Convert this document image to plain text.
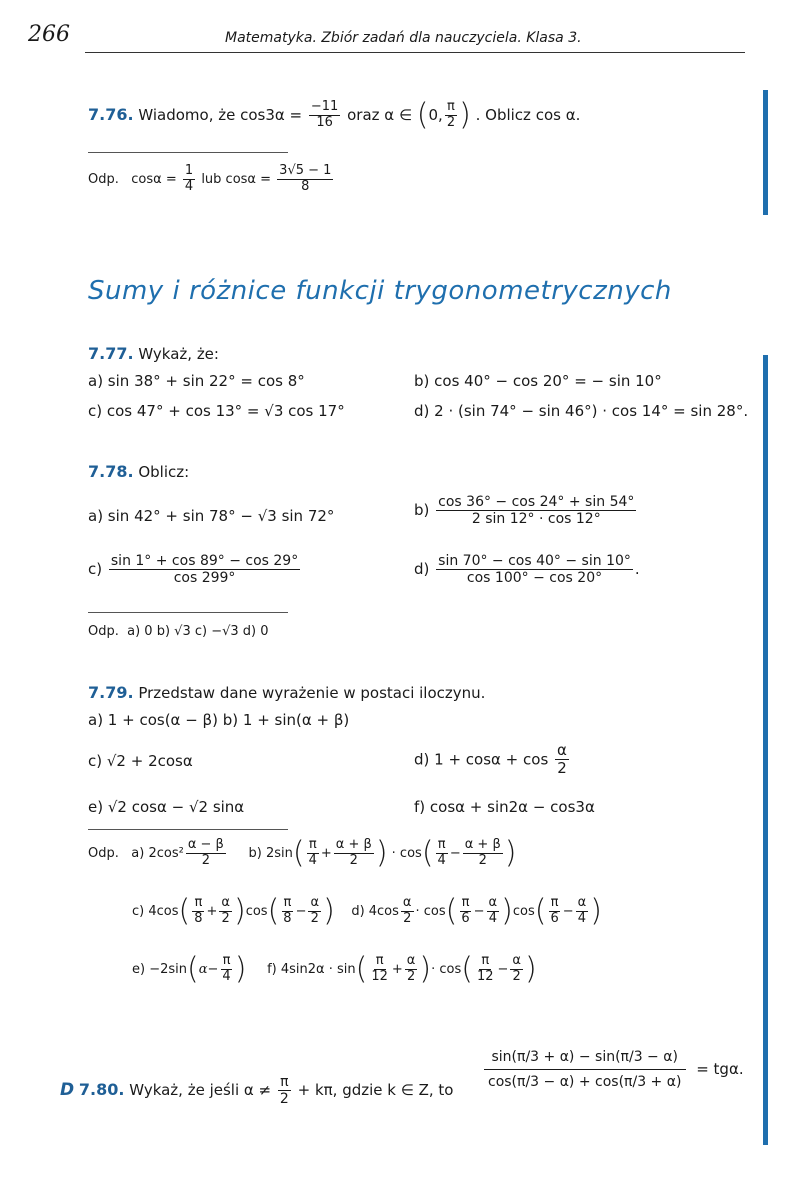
266	Matematyka. Zbiór zadań dla nauczyciela. Klasa 3.
7.76. Wiadomo, że $\cos 3\alpha = \frac{-11}{16}$ oraz α ∈ (0, $\frac{\pi}{2}$ ) . Oblicz cos α.
Odp. $\cos\alpha = \frac{1}{4}$ lub $\cos\alpha = \frac{3√5 - 1}{8}$
Sumy i różnice funkcji trygonometrycznych
7.77. Wykaż, że:
a) sin 38° + sin 22° = cos 8°	b) cos 40° − cos 20° = − sin 10°
c) cos 47° + cos 13° = √3 cos 17°	d) 2 · (sin 74° − sin 46°) · cos 14° = sin 28°.
7.78. Oblicz:
a) sin 42° + sin 78° − √3 sin 72°	$b) \frac{\cos 36^\circ - \cos 24^\circ + \sin 54^\circ}{2 \sin 12^\circ \cdot \cos 12^\circ}$
$c) \frac{\sin 1^\circ + \cos 89^\circ - \cos 29^\circ}{\cos 299^\circ}$	$d) \frac{\sin 70^\circ - \cos 40^\circ - \sin 10^\circ}{\cos 100^\circ - \cos 20^\circ}$ .
Odp. a) 0 b) √3 c) −√3 d) 0
7.79. Przedstaw dane wyrażenie w postaci iloczynu.
a) 1 + cos(α − β) b) 1 + sin(α + β)
c) √2 + 2cosα	d) $1 + \cos\alpha + \cos \frac{\alpha}{2}$
e) √2 cosα − √2 sinα	f) cosα + sin2α − cos3α
Odp. a) $2\cos^2 \frac{\alpha - \beta}{2} b$) $2\sin( \frac{\pi}{4} + \frac{\alpha + \beta}{2}$ ) · $\cos( \frac{\pi}{4} - \frac{\alpha + \beta}{2}$ )
c) $4\cos( \frac{\pi}{8} + \frac{\alpha}{2} )\cos( \frac{\pi}{8} - \frac{\alpha}{2}$ ) d) $4\cos \frac{\alpha}{2} \cdot \cos( \frac{\pi}{6} - \frac{\alpha}{4} )\cos( \frac{\pi}{6} - \frac{\alpha}{4}$ )
$e) -2\sin(\alpha- \frac{\pi}{4}$ ) f) $4\sin 2\alpha \cdot \sin( \frac{\pi}{12} + \frac{\alpha}{2}$ )· $\cos( \frac{\pi}{12} - \frac{\alpha}{2}$ )
D 7.80. Wykaż, że jeśli $\alpha \ne \frac{\pi}{2} + k\pi$, gdzie k ∈ Z, to $\frac{\sin(\pi/3 + \alpha) - \sin(\pi/3 - \alpha)}{\cos(\pi/3 - \alpha) + \cos(\pi/3 + \alpha)} = tg\alpha$.
